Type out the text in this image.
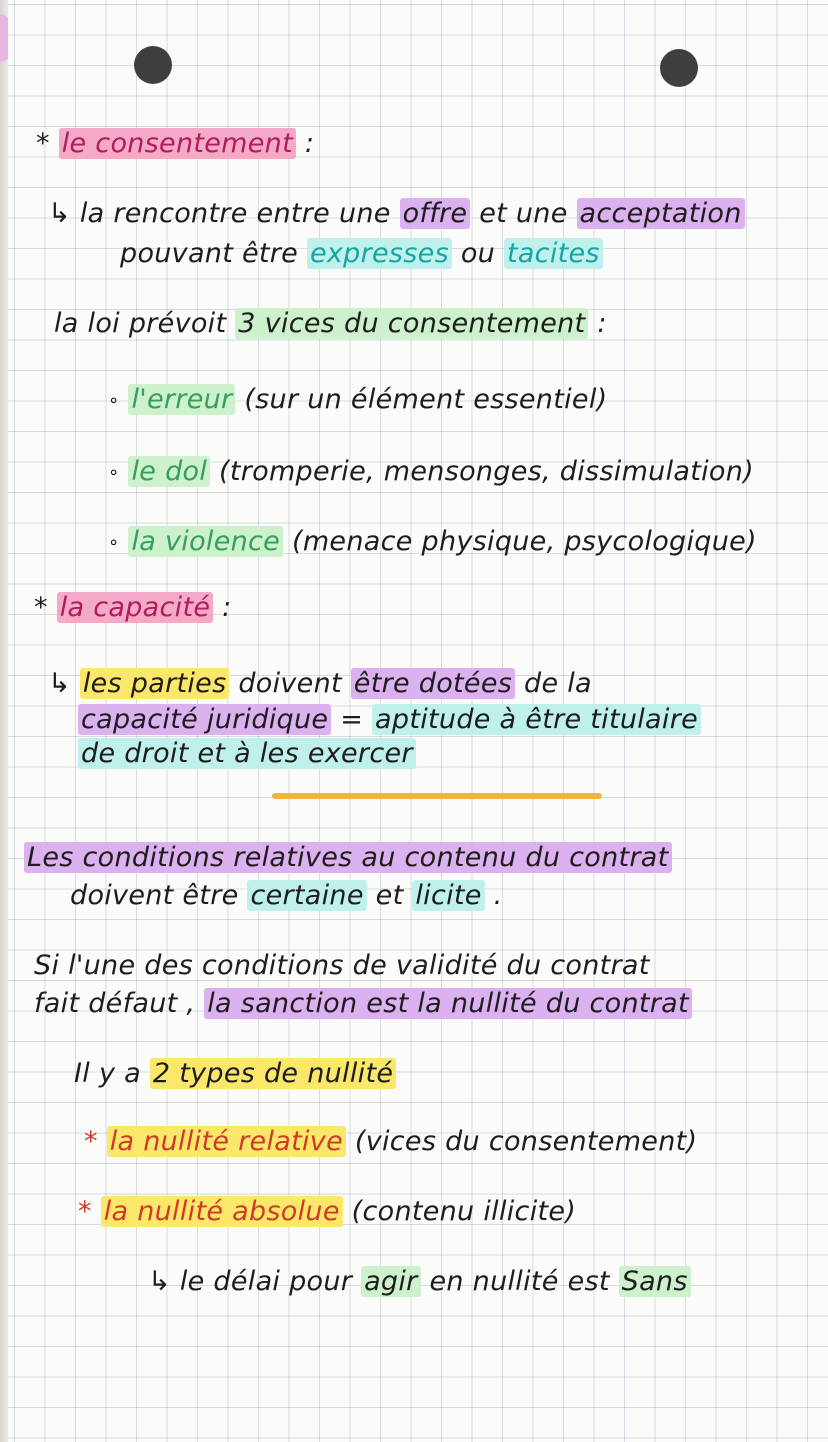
* le consentement :
↳ la rencontre entre une offre et une acceptation
pouvant être expresses ou tacites
la loi prévoit 3 vices du consentement :
∘ l'erreur (sur un élément essentiel)
∘ le dol (tromperie, mensonges, dissimulation)
∘ la violence (menace physique, psycologique)
* la capacité :
↳ les parties doivent être dotées de la
capacité juridique = aptitude à être titulaire
de droit et à les exercer
Les conditions relatives au contenu du contrat
doivent être certaine et licite .
Si l'une des conditions de validité du contrat
fait défaut , la sanction est la nullité du contrat
Il y a 2 types de nullité
* la nullité relative (vices du consentement)
* la nullité absolue (contenu illicite)
↳ le délai pour agir en nullité est Sans
